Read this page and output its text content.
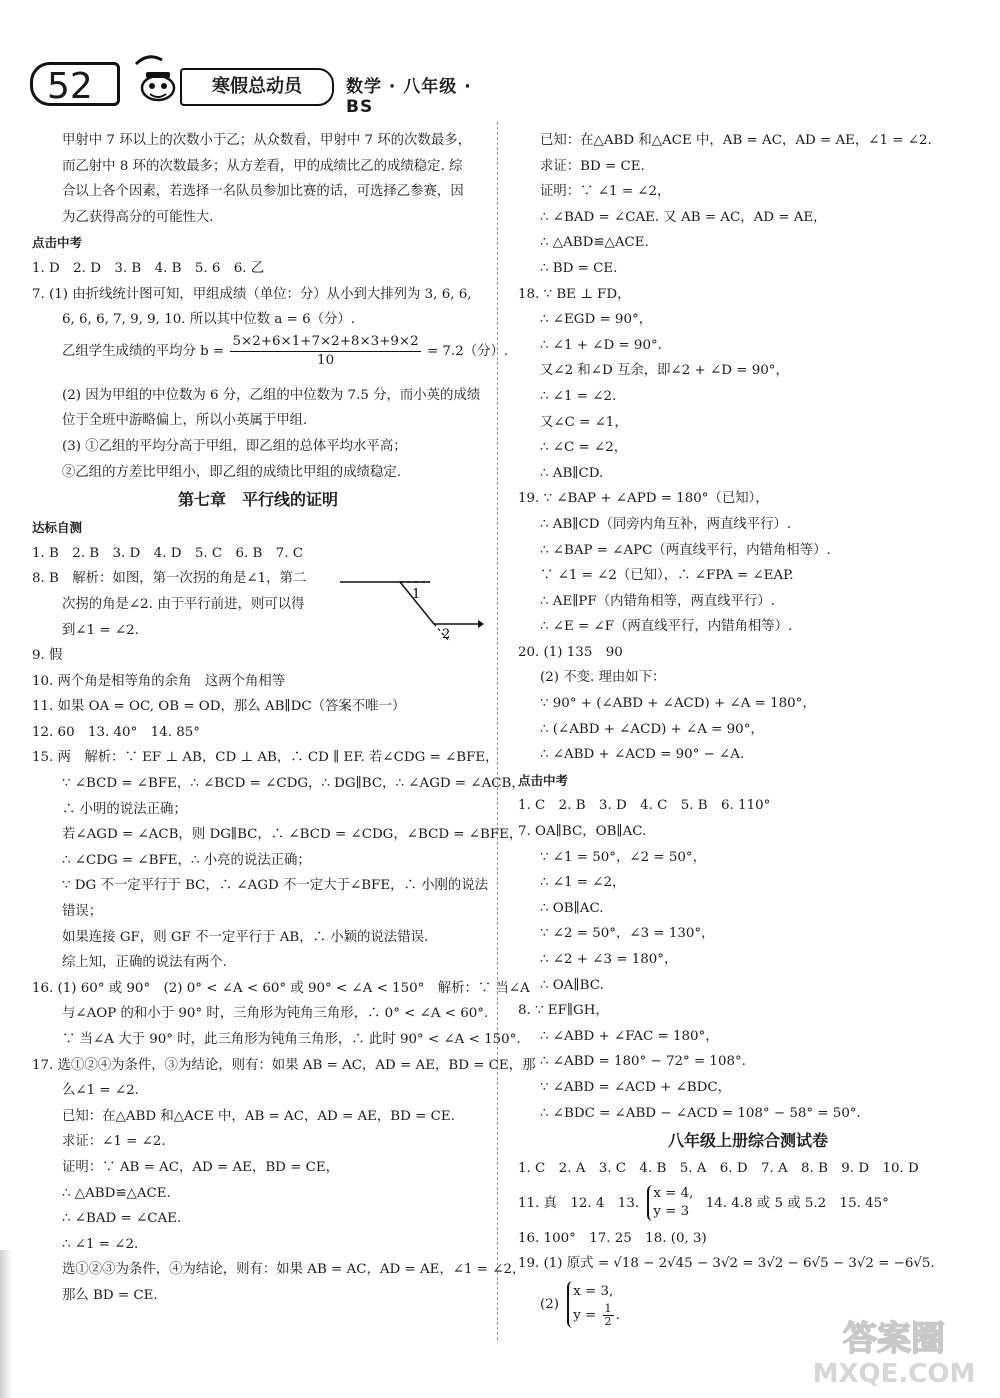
52	寒假总动员	数学 · 八年级 · BS
甲射中 7 环以上的次数小于乙；从众数看，甲射中 7 环的次数最多，
而乙射中 8 环的次数最多；从方差看，甲的成绩比乙的成绩稳定. 综
合以上各个因素，若选择一名队员参加比赛的话，可选择乙参赛，因
为乙获得高分的可能性大.
点击中考
1. D　2. D　3. B　4. B　5. 6　6. 乙
7. (1) 由折线统计图可知，甲组成绩（单位：分）从小到大排列为 3, 6, 6,
6, 6, 6, 7, 9, 9, 10. 所以其中位数 a = 6（分）.
乙组学生成绩的平均分 $b = \frac{5\times 2+6\times 1+7\times 2+8\times 3+9\times 2}{10} = 7.2$（分）.
(2) 因为甲组的中位数为 6 分，乙组的中位数为 7.5 分，而小英的成绩
位于全班中游略偏上，所以小英属于甲组.
(3) ①乙组的平均分高于甲组，即乙组的总体平均水平高；
②乙组的方差比甲组小，即乙组的成绩比甲组的成绩稳定.
第七章　平行线的证明
达标自测
1. B　2. B　3. D　4. D　5. C　6. B　7. C
8. B　解析：如图，第一次拐的角是∠1，第二
次拐的角是∠2. 由于平行前进，则可以得
到∠1 = ∠2.
9. 假
10. 两个角是相等角的余角　这两个角相等
11. 如果 OA = OC, OB = OD，那么 AB∥DC（答案不唯一）
12. 60　13. 40°　14. 85°
15. 两　解析：∵ EF ⊥ AB，CD ⊥ AB，∴ CD ∥ EF. 若∠CDG = ∠BFE，
∵ ∠BCD = ∠BFE，∴ ∠BCD = ∠CDG，∴ DG∥BC，∴ ∠AGD = ∠ACB，
∴ 小明的说法正确；
若∠AGD = ∠ACB，则 DG∥BC，∴ ∠BCD = ∠CDG，∠BCD = ∠BFE，
∴ ∠CDG = ∠BFE，∴ 小亮的说法正确；
∵ DG 不一定平行于 BC，∴ ∠AGD 不一定大于∠BFE，∴ 小刚的说法
错误；
如果连接 GF，则 GF 不一定平行于 AB，∴ 小颖的说法错误.
综上知，正确的说法有两个.
16. (1) 60° 或 90°　(2) 0° < ∠A < 60° 或 90° < ∠A < 150°　解析：∵ 当∠A
与∠AOP 的和小于 90° 时，三角形为钝角三角形，∴ 0° < ∠A < 60°.
∵ 当∠A 大于 90° 时，此三角形为钝角三角形，∴ 此时 90° < ∠A < 150°.
17. 选①②④为条件，③为结论，则有：如果 AB = AC，AD = AE，BD = CE，那
么∠1 = ∠2.
已知：在△ABD 和△ACE 中，AB = AC，AD = AE，BD = CE.
求证：∠1 = ∠2.
证明：∵ AB = AC，AD = AE，BD = CE，
∴ △ABD≌△ACE.
∴ ∠BAD = ∠CAE.
∴ ∠1 = ∠2.
选①②③为条件，④为结论，则有：如果 AB = AC，AD = AE，∠1 = ∠2，
那么 BD = CE.
1
2
已知：在△ABD 和△ACE 中，AB = AC，AD = AE，∠1 = ∠2.
求证：BD = CE.
证明：∵ ∠1 = ∠2，
∴ ∠BAD = ∠CAE. 又 AB = AC，AD = AE，
∴ △ABD≌△ACE.
∴ BD = CE.
18. ∵ BE ⊥ FD，
∴ ∠EGD = 90°，
∴ ∠1 + ∠D = 90°.
又∠2 和∠D 互余，即∠2 + ∠D = 90°，
∴ ∠1 = ∠2.
又∠C = ∠1，
∴ ∠C = ∠2，
∴ AB∥CD.
19. ∵ ∠BAP + ∠APD = 180°（已知），
∴ AB∥CD（同旁内角互补，两直线平行）.
∴ ∠BAP = ∠APC（两直线平行，内错角相等）.
∵ ∠1 = ∠2（已知），∴ ∠FPA = ∠EAP.
∴ AE∥PF（内错角相等，两直线平行）.
∴ ∠E = ∠F（两直线平行，内错角相等）.
20. (1) 135　90
(2) 不变. 理由如下：
∵ 90° + (∠ABD + ∠ACD) + ∠A = 180°，
∴ (∠ABD + ∠ACD) + ∠A = 90°，
∴ ∠ABD + ∠ACD = 90° − ∠A.
点击中考
1. C　2. B　3. D　4. C　5. B　6. 110°
7. OA∥BC，OB∥AC.
∵ ∠1 = 50°，∠2 = 50°，
∴ ∠1 = ∠2，
∴ OB∥AC.
∵ ∠2 = 50°，∠3 = 130°，
∴ ∠2 + ∠3 = 180°，
∴ OA∥BC.
8. ∵ EF∥GH，
∴ ∠ABD + ∠FAC = 180°，
∴ ∠ABD = 180° − 72° = 108°.
∵ ∠ABD = ∠ACD + ∠BDC，
∴ ∠BDC = ∠ABD − ∠ACD = 108° − 58° = 50°.
八年级上册综合测试卷
1. C　2. A　3. C　4. B　5. A　6. D　7. A　8. B　9. D　10. D
11. 真　12. 4　13.
x = 4,
y = 3
14. 4.8 或 5 或 5.2　15. 45°
16. 100°　17. 25　18. (0, 3)
19. (1) 原式 = √18 − 2√45 − 3√2 = 3√2 − 6√5 − 3√2 = −6√5.
(2)
x = 3,
$y = \frac{1}{2}$ .
答案圈
MXQE.COM
